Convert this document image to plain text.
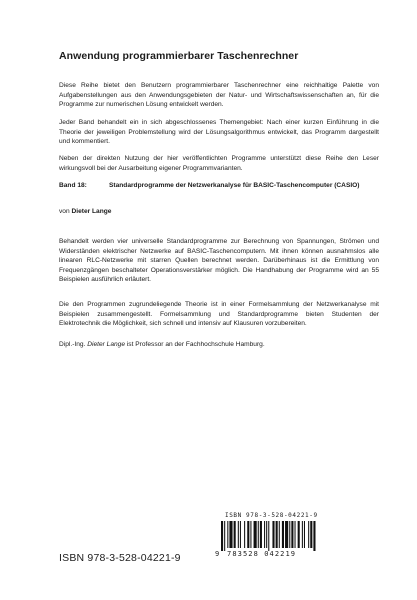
Anwendung programmierbarer Taschenrechner
Diese Reihe bietet den Benutzern programmierbarer Taschenrechner eine reichhaltige Palette von Aufgabenstellungen aus den Anwendungsgebieten der Natur- und Wirtschaftswissenschaften an, für die Programme zur numerischen Lösung entwickelt werden.
Jeder Band behandelt ein in sich abgeschlossenes Themengebiet: Nach einer kurzen Einführung in die Theorie der jeweiligen Problemstellung wird der Lösungsalgorithmus entwickelt, das Programm dargestellt und kommentiert.
Neben der direkten Nutzung der hier veröffentlichten Programme unterstützt diese Reihe den Leser wirkungsvoll bei der Ausarbeitung eigener Programmvarianten.
Band 18:	Standardprogramme der Netzwerkanalyse für BASIC-Taschencomputer (CASIO)
von Dieter Lange
Behandelt werden vier universelle Standardprogramme zur Berechnung von Spannungen, Strömen und Widerständen elektrischer Netzwerke auf BASIC-Taschencomputern. Mit ihnen können ausnahmslos alle linearen RLC-Netzwerke mit starren Quellen berechnet werden. Darüberhinaus ist die Ermittlung von Frequenzgängen beschalteter Operationsverstärker möglich. Die Handhabung der Programme wird an 55 Beispielen ausführlich erläutert.
Die den Programmen zugrundeliegende Theorie ist in einer Formelsammlung der Netzwerkanalyse mit Beispielen zusammengestellt. Formelsammlung und Standardprogramme bieten Studenten der Elektrotechnik die Möglichkeit, sich schnell und intensiv auf Klausuren vorzubereiten.
Dipl.-Ing. Dieter Lange ist Professor an der Fachhochschule Hamburg.
ISBN 978-3-528-04221-9
ISBN 978-3-528-04221-9
9 783528 042219
